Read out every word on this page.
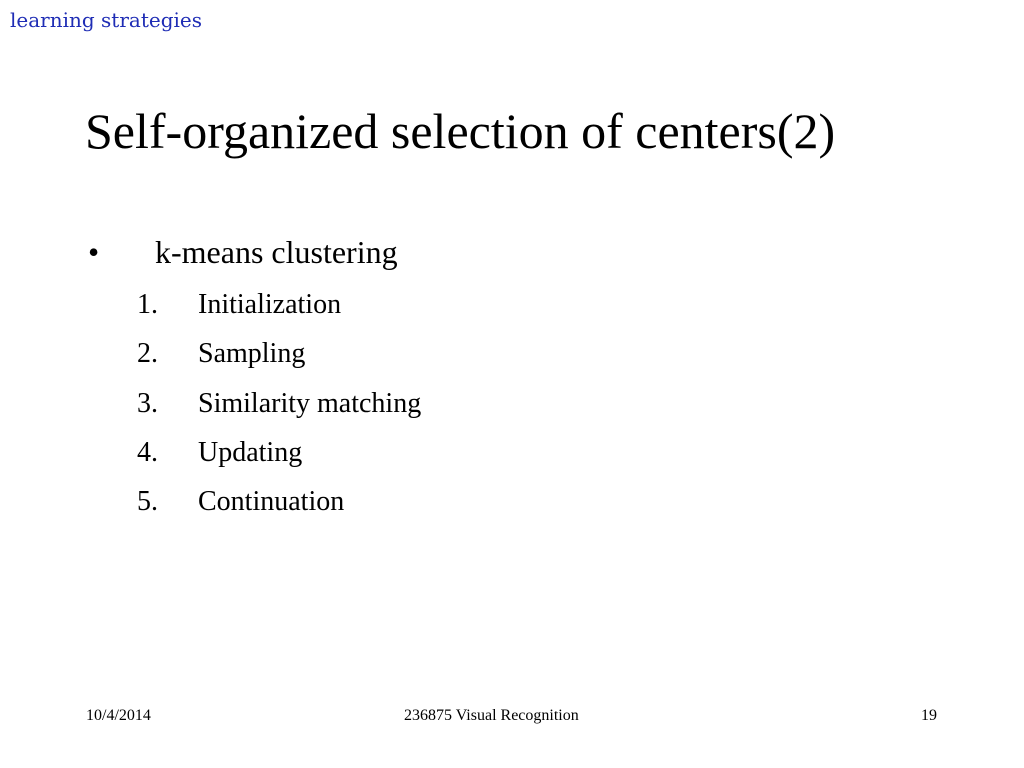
learning strategies
Self-organized selection of centers(2)
• k-means clustering
1. Initialization
2. Sampling
3. Similarity matching
4. Updating
5. Continuation
10/4/2014	236875 Visual Recognition	19
